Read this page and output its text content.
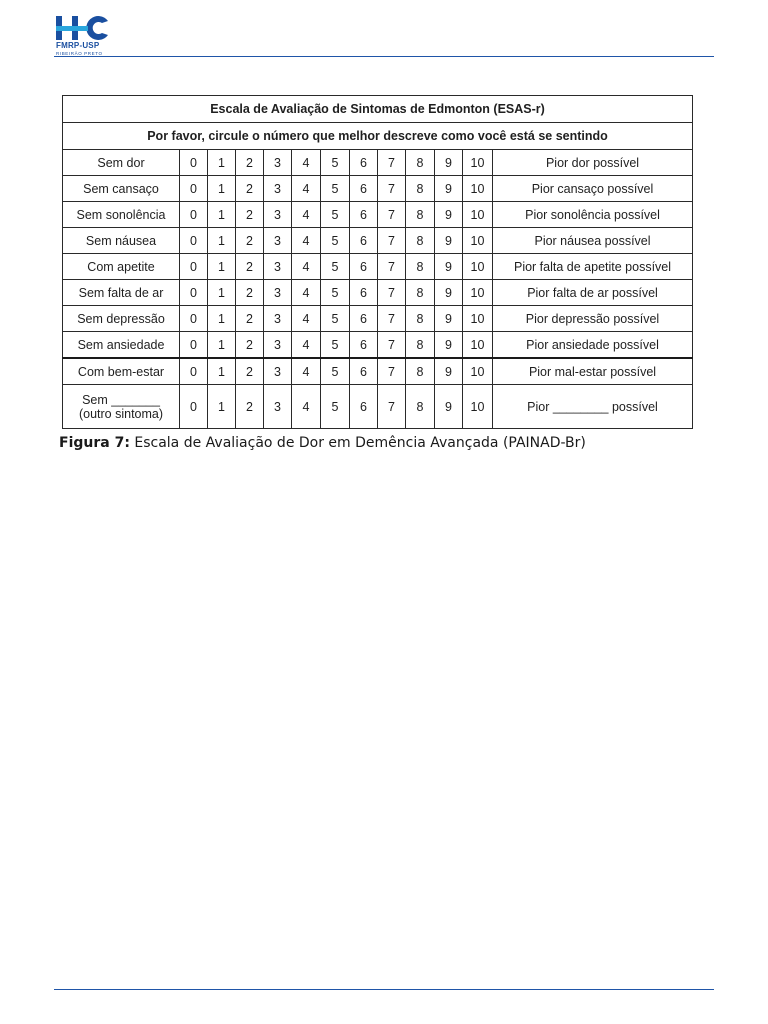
FMRP-USP
RIBEIRÃO PRETO
Escala de Avaliação de Sintomas de Edmonton (ESAS-r)												
Por favor, circule o número que melhor descreve como você está se sentindo												
Sem dor	0	1	2	3	4	5	6	7	8	9	10	Pior dor possível
Sem cansaço	0	1	2	3	4	5	6	7	8	9	10	Pior cansaço possível
Sem sonolência	0	1	2	3	4	5	6	7	8	9	10	Pior sonolência possível
Sem náusea	0	1	2	3	4	5	6	7	8	9	10	Pior náusea possível
Com apetite	0	1	2	3	4	5	6	7	8	9	10	Pior falta de apetite possível
Sem falta de ar	0	1	2	3	4	5	6	7	8	9	10	Pior falta de ar possível
Sem depressão	0	1	2	3	4	5	6	7	8	9	10	Pior depressão possível
Sem ansiedade	0	1	2	3	4	5	6	7	8	9	10	Pior ansiedade possível
Com bem-estar	0	1	2	3	4	5	6	7	8	9	10	Pior mal-estar possível

Sem _______
(outro sintoma)	0	1	2	3	4	5	6	7	8	9	10	Pior ________ possível
Figura 7: Escala de Avaliação de Dor em Demência Avançada (PAINAD-Br)
